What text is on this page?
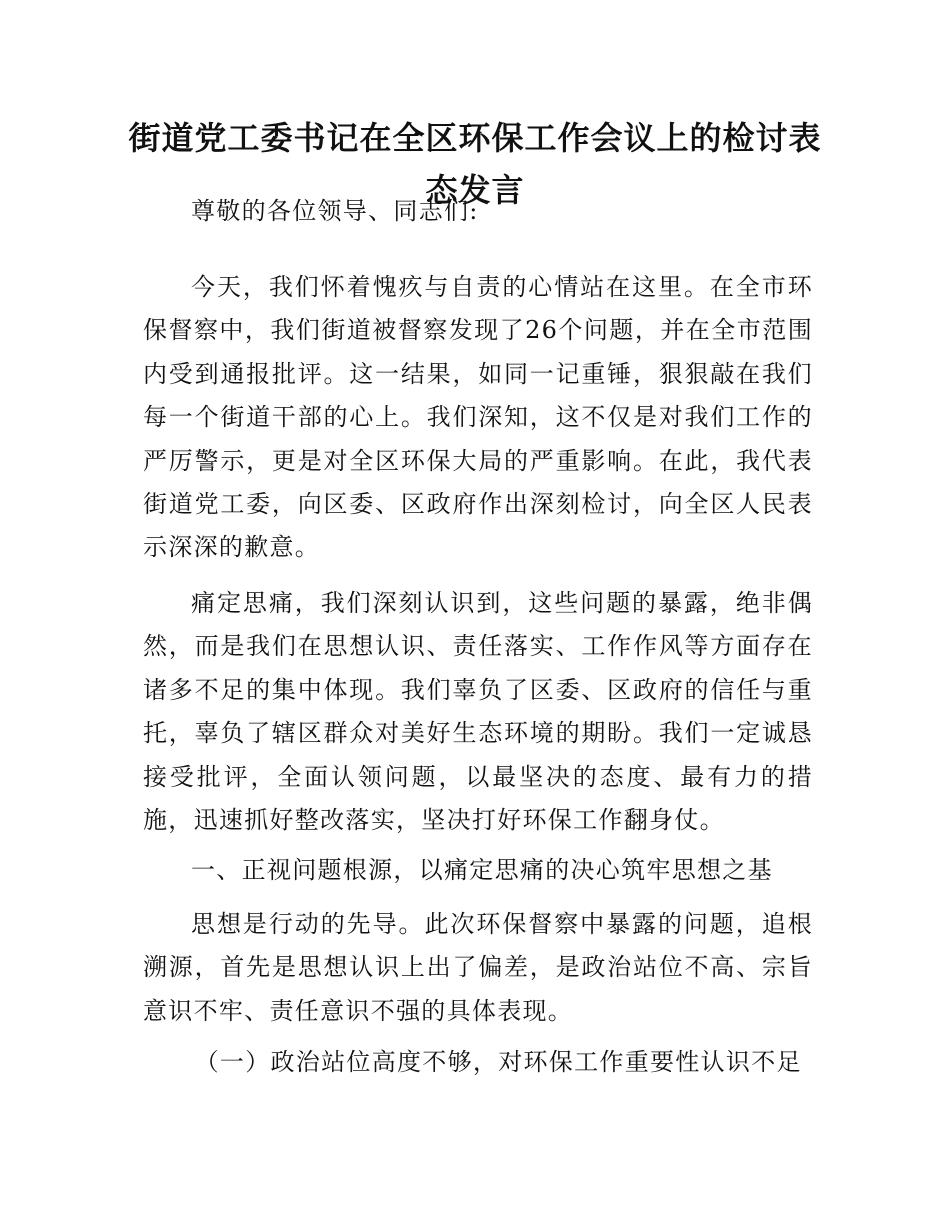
街道党工委书记在全区环保工作会议上的检讨表态发言

尊敬的各位领导、同志们:

今天，我们怀着愧疚与自责的心情站在这里。在全市环保督察中，我们街道被督察发现了26个问题，并在全市范围内受到通报批评。这一结果，如同一记重锤，狠狠敲在我们每一个街道干部的心上。我们深知，这不仅是对我们工作的严厉警示，更是对全区环保大局的严重影响。在此，我代表街道党工委，向区委、区政府作出深刻检讨，向全区人民表示深深的歉意。

痛定思痛，我们深刻认识到，这些问题的暴露，绝非偶然，而是我们在思想认识、责任落实、工作作风等方面存在诸多不足的集中体现。我们辜负了区委、区政府的信任与重托，辜负了辖区群众对美好生态环境的期盼。我们一定诚恳接受批评，全面认领问题，以最坚决的态度、最有力的措施，迅速抓好整改落实，坚决打好环保工作翻身仗。

一、正视问题根源，以痛定思痛的决心筑牢思想之基

思想是行动的先导。此次环保督察中暴露的问题，追根溯源，首先是思想认识上出了偏差，是政治站位不高、宗旨意识不牢、责任意识不强的具体表现。

（一）政治站位高度不够，对环保工作重要性认识不足
